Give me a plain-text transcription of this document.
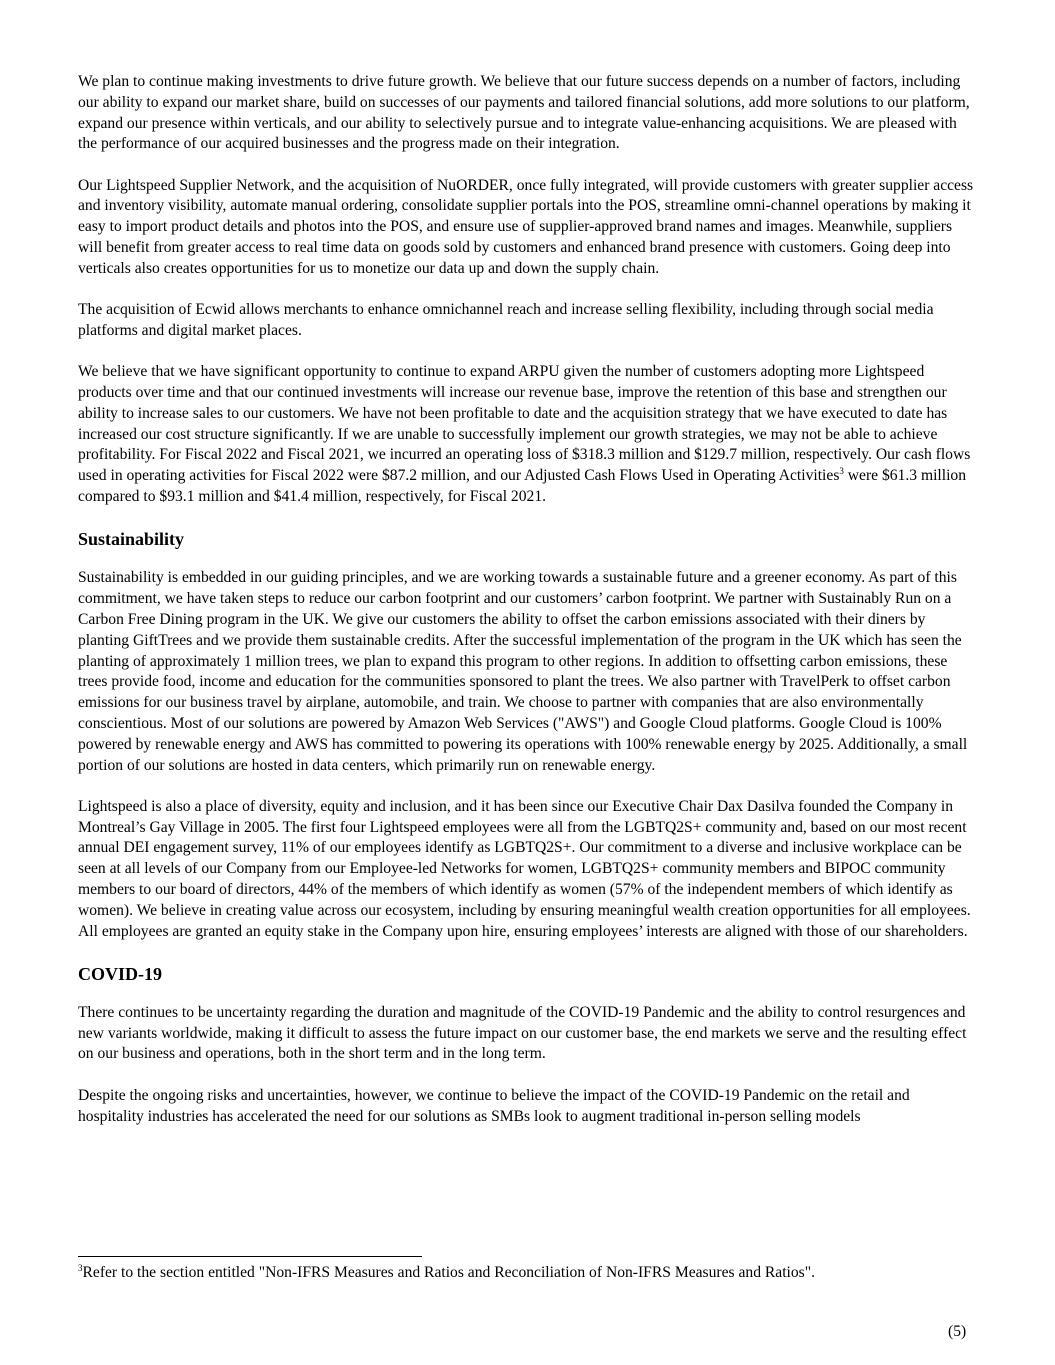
We plan to continue making investments to drive future growth. We believe that our future success depends on a number of factors, including our ability to expand our market share, build on successes of our payments and tailored financial solutions, add more solutions to our platform, expand our presence within verticals, and our ability to selectively pursue and to integrate value-enhancing acquisitions. We are pleased with the performance of our acquired businesses and the progress made on their integration.

Our Lightspeed Supplier Network, and the acquisition of NuORDER, once fully integrated, will provide customers with greater supplier access and inventory visibility, automate manual ordering, consolidate supplier portals into the POS, streamline omni-channel operations by making it easy to import product details and photos into the POS, and ensure use of supplier-approved brand names and images. Meanwhile, suppliers will benefit from greater access to real time data on goods sold by customers and enhanced brand presence with customers. Going deep into verticals also creates opportunities for us to monetize our data up and down the supply chain.

The acquisition of Ecwid allows merchants to enhance omnichannel reach and increase selling flexibility, including through social media platforms and digital market places.

We believe that we have significant opportunity to continue to expand ARPU given the number of customers adopting more Lightspeed products over time and that our continued investments will increase our revenue base, improve the retention of this base and strengthen our ability to increase sales to our customers. We have not been profitable to date and the acquisition strategy that we have executed to date has increased our cost structure significantly. If we are unable to successfully implement our growth strategies, we may not be able to achieve profitability. For Fiscal 2022 and Fiscal 2021, we incurred an operating loss of $318.3 million and $129.7 million, respectively. Our cash flows used in operating activities for Fiscal 2022 were $87.2 million, and our Adjusted Cash Flows Used in Operating Activities$^3$ were $61.3 million compared to $93.1 million and $41.4 million, respectively, for Fiscal 2021.

Sustainability

Sustainability is embedded in our guiding principles, and we are working towards a sustainable future and a greener economy. As part of this commitment, we have taken steps to reduce our carbon footprint and our customers’ carbon footprint. We partner with Sustainably Run on a Carbon Free Dining program in the UK. We give our customers the ability to offset the carbon emissions associated with their diners by planting GiftTrees and we provide them sustainable credits. After the successful implementation of the program in the UK which has seen the planting of approximately 1 million trees, we plan to expand this program to other regions. In addition to offsetting carbon emissions, these trees provide food, income and education for the communities sponsored to plant the trees. We also partner with TravelPerk to offset carbon emissions for our business travel by airplane, automobile, and train. We choose to partner with companies that are also environmentally conscientious. Most of our solutions are powered by Amazon Web Services ("AWS") and Google Cloud platforms. Google Cloud is 100% powered by renewable energy and AWS has committed to powering its operations with 100% renewable energy by 2025. Additionally, a small portion of our solutions are hosted in data centers, which primarily run on renewable energy.

Lightspeed is also a place of diversity, equity and inclusion, and it has been since our Executive Chair Dax Dasilva founded the Company in Montreal’s Gay Village in 2005. The first four Lightspeed employees were all from the LGBTQ2S+ community and, based on our most recent annual DEI engagement survey, 11% of our employees identify as LGBTQ2S+. Our commitment to a diverse and inclusive workplace can be seen at all levels of our Company from our Employee-led Networks for women, LGBTQ2S+ community members and BIPOC community members to our board of directors, 44% of the members of which identify as women (57% of the independent members of which identify as women). We believe in creating value across our ecosystem, including by ensuring meaningful wealth creation opportunities for all employees. All employees are granted an equity stake in the Company upon hire, ensuring employees’ interests are aligned with those of our shareholders.

COVID-19

There continues to be uncertainty regarding the duration and magnitude of the COVID-19 Pandemic and the ability to control resurgences and new variants worldwide, making it difficult to assess the future impact on our customer base, the end markets we serve and the resulting effect on our business and operations, both in the short term and in the long term.

Despite the ongoing risks and uncertainties, however, we continue to believe the impact of the COVID-19 Pandemic on the retail and hospitality industries has accelerated the need for our solutions as SMBs look to augment traditional in-person selling models

$^3$Refer to the section entitled "Non-IFRS Measures and Ratios and Reconciliation of Non-IFRS Measures and Ratios".
(5)
